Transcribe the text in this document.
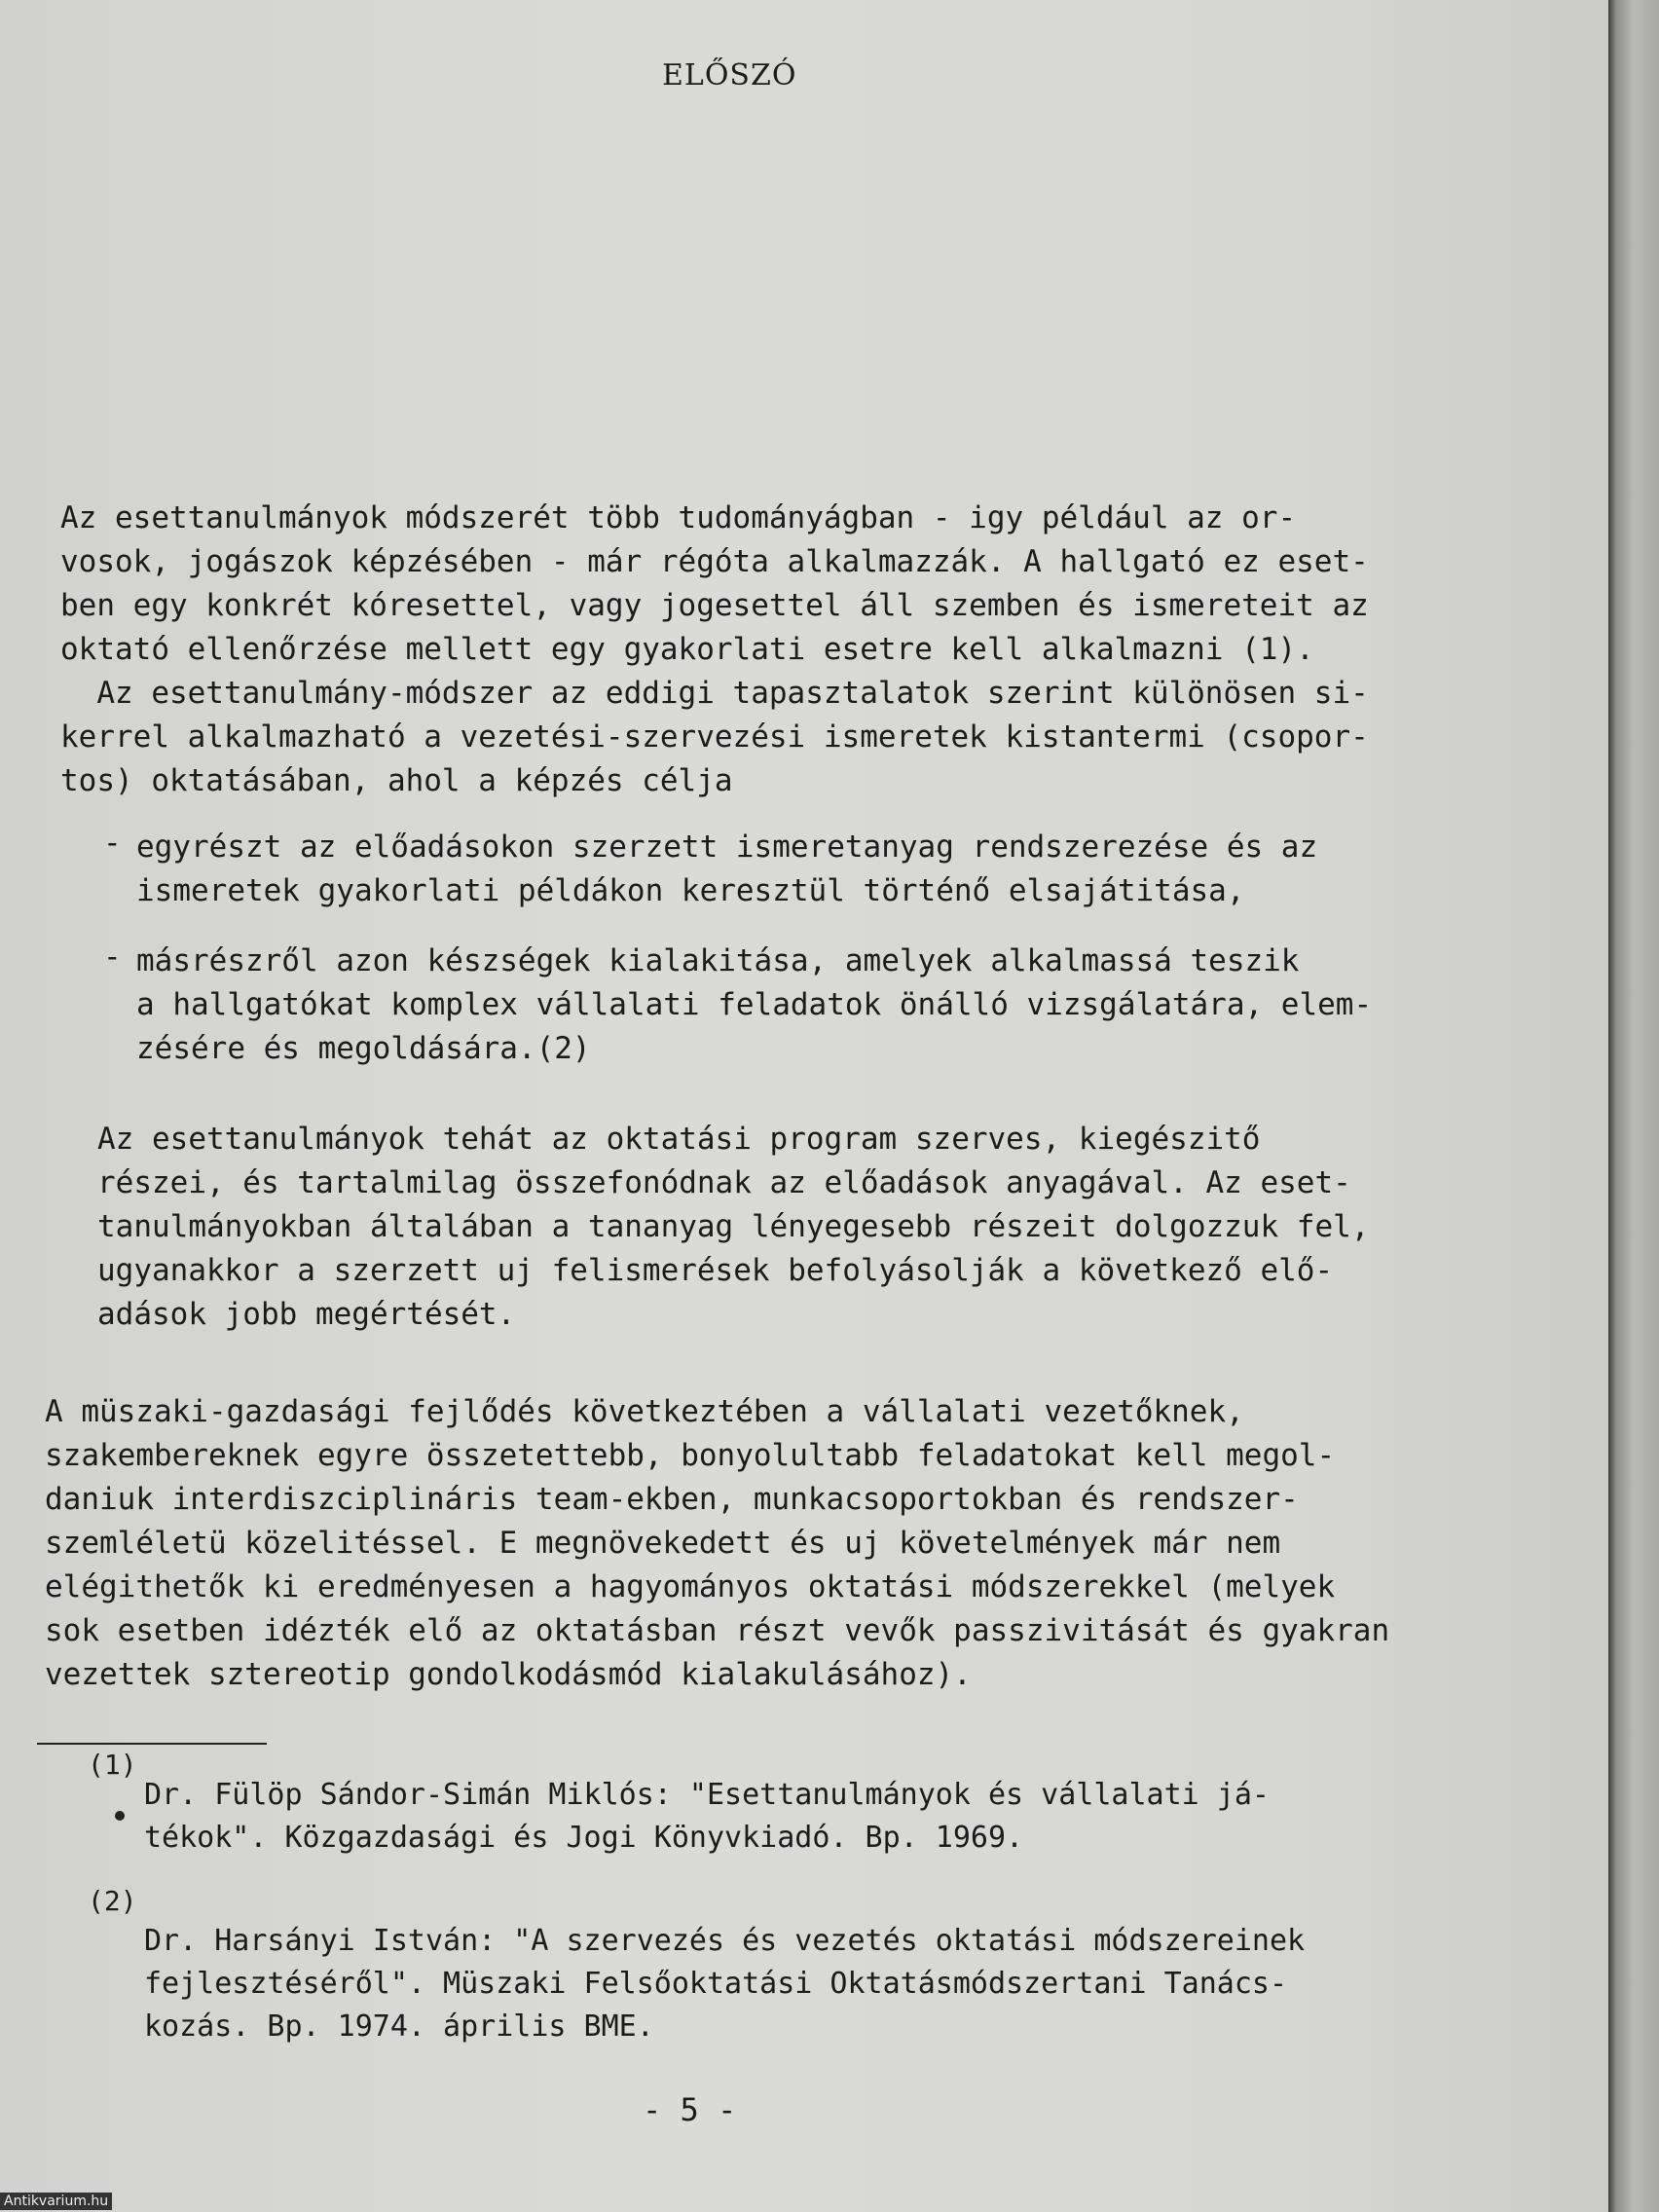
ELŐSZÓ
Az esettanulmányok módszerét több tudományágban - igy például az or-
vosok, jogászok képzésében - már régóta alkalmazzák. A hallgató ez eset-
ben egy konkrét kóresettel, vagy jogesettel áll szemben és ismereteit az
oktató ellenőrzése mellett egy gyakorlati esetre kell alkalmazni (1).
Az esettanulmány-módszer az eddigi tapasztalatok szerint különösen si-
kerrel alkalmazható a vezetési-szervezési ismeretek kistantermi (csopor-
tos) oktatásában, ahol a képzés célja
- egyrészt az előadásokon szerzett ismeretanyag rendszerezése és az
ismeretek gyakorlati példákon keresztül történő elsajátitása,
- másrészről azon készségek kialakitása, amelyek alkalmassá teszik
a hallgatókat komplex vállalati feladatok önálló vizsgálatára, elem-
zésére és megoldására.(2)
Az esettanulmányok tehát az oktatási program szerves, kiegészitő
részei, és tartalmilag összefonódnak az előadások anyagával. Az eset-
tanulmányokban általában a tananyag lényegesebb részeit dolgozzuk fel,
ugyanakkor a szerzett uj felismerések befolyásolják a következő elő-
adások jobb megértését.
A müszaki-gazdasági fejlődés következtében a vállalati vezetőknek,
szakembereknek egyre összetettebb, bonyolultabb feladatokat kell megol-
daniuk interdiszciplináris team-ekben, munkacsoportokban és rendszer-
szemléletü közelitéssel. E megnövekedett és uj követelmények már nem
elégithetők ki eredményesen a hagyományos oktatási módszerekkel (melyek
sok esetben idézték elő az oktatásban részt vevők passzivitását és gyakran
vezettek sztereotip gondolkodásmód kialakulásához).
(1)
Dr. Fülöp Sándor-Simán Miklós: "Esettanulmányok és vállalati já-
tékok". Közgazdasági és Jogi Könyvkiadó. Bp. 1969.
(2)
Dr. Harsányi István: "A szervezés és vezetés oktatási módszereinek
fejlesztéséről". Müszaki Felsőoktatási Oktatásmódszertani Tanács-
kozás. Bp. 1974. április BME.
- 5 -
Antikvarium.hu
